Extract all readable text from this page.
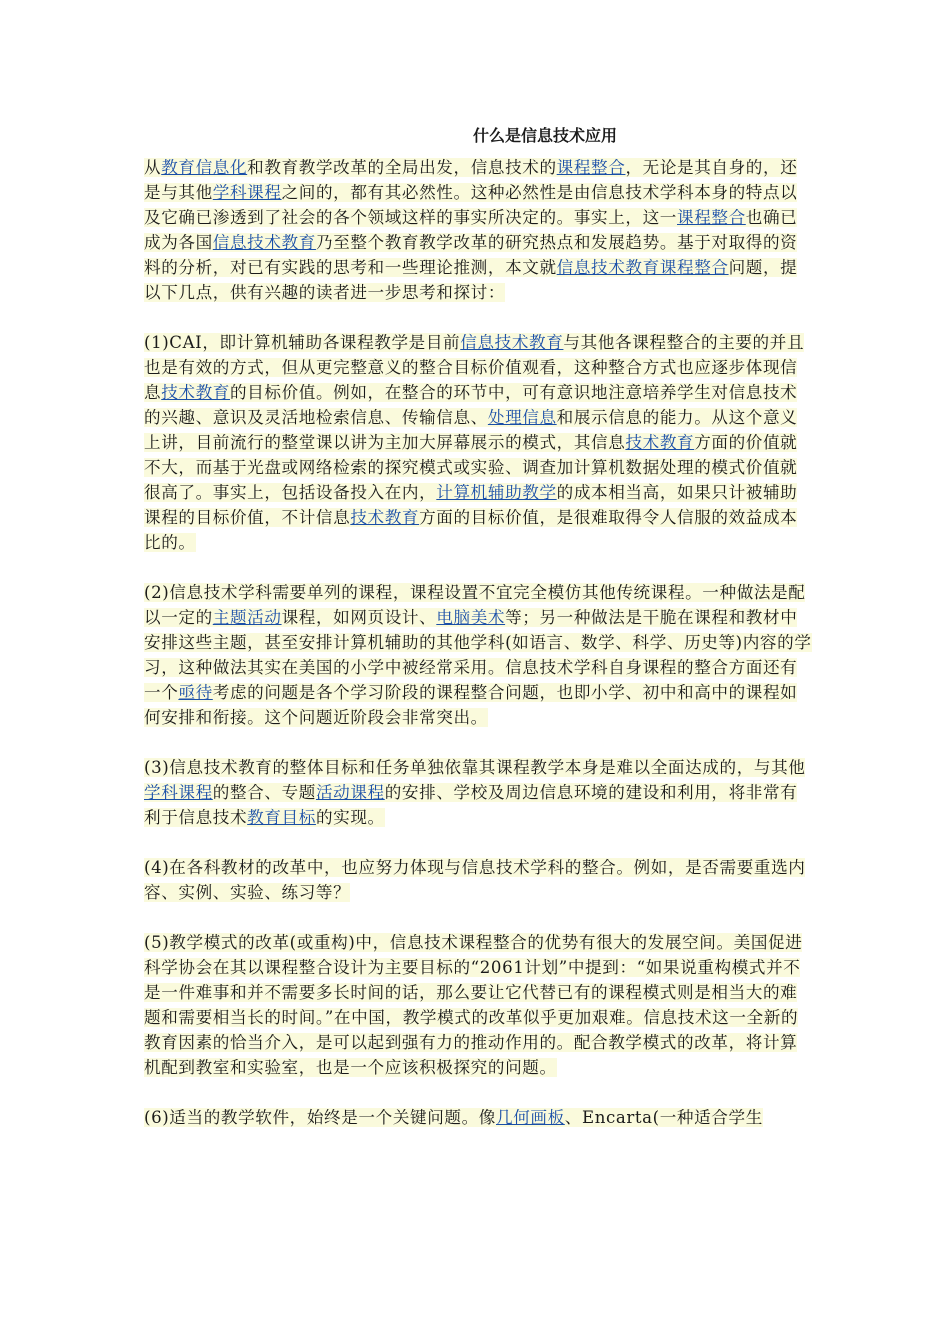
什么是信息技术应用

从教育信息化和教育教学改革的全局出发，信息技术的课程整合，无论是其自身的，还是与其他学科课程之间的，都有其必然性。这种必然性是由信息技术学科本身的特点以及它确已渗透到了社会的各个领域这样的事实所决定的。事实上，这一课程整合也确已成为各国信息技术教育乃至整个教育教学改革的研究热点和发展趋势。基于对取得的资料的分析，对已有实践的思考和一些理论推测，本文就信息技术教育课程整合问题，提以下几点，供有兴趣的读者进一步思考和探讨：

(1)CAI，即计算机辅助各课程教学是目前信息技术教育与其他各课程整合的主要的并且也是有效的方式，但从更完整意义的整合目标价值观看，这种整合方式也应逐步体现信息技术教育的目标价值。例如，在整合的环节中，可有意识地注意培养学生对信息技术的兴趣、意识及灵活地检索信息、传输信息、处理信息和展示信息的能力。从这个意义上讲，目前流行的整堂课以讲为主加大屏幕展示的模式，其信息技术教育方面的价值就不大，而基于光盘或网络检索的探究模式或实验、调查加计算机数据处理的模式价值就很高了。事实上，包括设备投入在内，计算机辅助教学的成本相当高，如果只计被辅助课程的目标价值，不计信息技术教育方面的目标价值，是很难取得令人信服的效益成本比的。

(2)信息技术学科需要单列的课程，课程设置不宜完全模仿其他传统课程。一种做法是配以一定的主题活动课程，如网页设计、电脑美术等；另一种做法是干脆在课程和教材中安排这些主题，甚至安排计算机辅助的其他学科(如语言、数学、科学、历史等)内容的学习，这种做法其实在美国的小学中被经常采用。信息技术学科自身课程的整合方面还有一个亟待考虑的问题是各个学习阶段的课程整合问题，也即小学、初中和高中的课程如何安排和衔接。这个问题近阶段会非常突出。

(3)信息技术教育的整体目标和任务单独依靠其课程教学本身是难以全面达成的，与其他学科课程的整合、专题活动课程的安排、学校及周边信息环境的建设和利用，将非常有利于信息技术教育目标的实现。

(4)在各科教材的改革中，也应努力体现与信息技术学科的整合。例如，是否需要重选内容、实例、实验、练习等？

(5)教学模式的改革(或重构)中，信息技术课程整合的优势有很大的发展空间。美国促进科学协会在其以课程整合设计为主要目标的“2061计划”中提到：“如果说重构模式并不是一件难事和并不需要多长时间的话，那么要让它代替已有的课程模式则是相当大的难题和需要相当长的时间。”在中国，教学模式的改革似乎更加艰难。信息技术这一全新的教育因素的恰当介入，是可以起到强有力的推动作用的。配合教学模式的改革，将计算机配到教室和实验室，也是一个应该积极探究的问题。

(6)适当的教学软件，始终是一个关键问题。像几何画板、Encarta(一种适合学生
